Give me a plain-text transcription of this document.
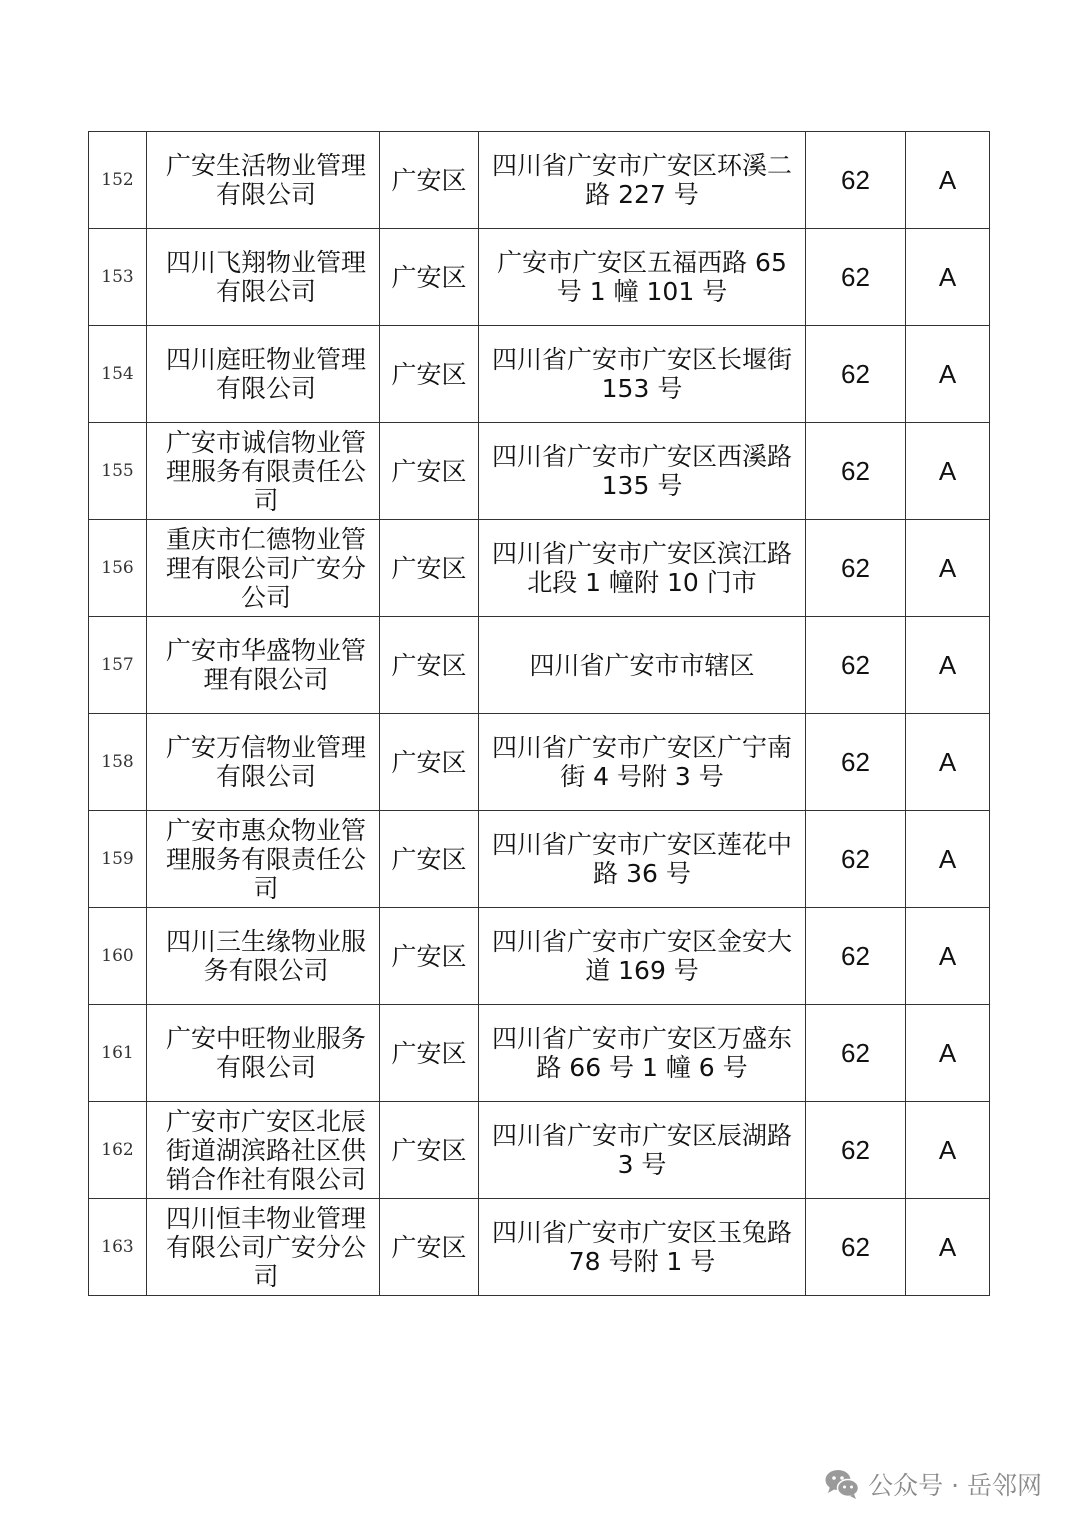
152	广安生活物业管理有限公司	广安区	四川省广安市广安区环溪二路 227 号	62	A
153	四川飞翔物业管理有限公司	广安区	广安市广安区五福西路 65 号 1 幢 101 号	62	A
154	四川庭旺物业管理有限公司	广安区	四川省广安市广安区长堰街 153 号	62	A
155	广安市诚信物业管理服务有限责任公司	广安区	四川省广安市广安区西溪路 135 号	62	A
156	重庆市仁德物业管理有限公司广安分公司	广安区	四川省广安市广安区滨江路北段 1 幢附 10 门市	62	A
157	广安市华盛物业管理有限公司	广安区	四川省广安市市辖区	62	A
158	广安万信物业管理有限公司	广安区	四川省广安市广安区广宁南街 4 号附 3 号	62	A
159	广安市惠众物业管理服务有限责任公司	广安区	四川省广安市广安区莲花中路 36 号	62	A
160	四川三生缘物业服务有限公司	广安区	四川省广安市广安区金安大道 169 号	62	A
161	广安中旺物业服务有限公司	广安区	四川省广安市广安区万盛东路 66 号 1 幢 6 号	62	A
162	广安市广安区北辰街道湖滨路社区供销合作社有限公司	广安区	四川省广安市广安区辰湖路 3 号	62	A
163	四川恒丰物业管理有限公司广安分公司	广安区	四川省广安市广安区玉兔路 78 号附 1 号	62	A
公众号 · 岳邻网
